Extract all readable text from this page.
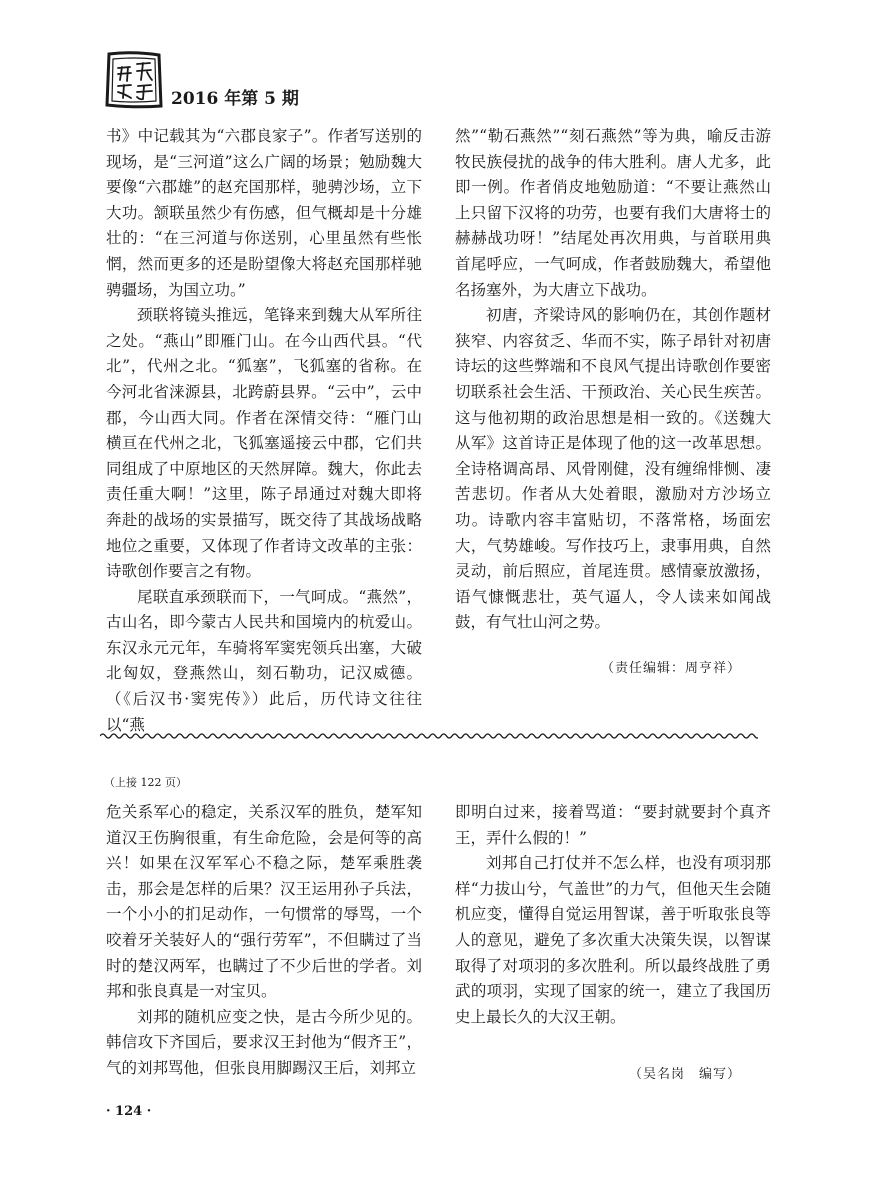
2016 年第 5 期

书》中记载其为“六郡良家子”。作者写送别的现场，是“三河道”这么广阔的场景；勉励魏大要像“六郡雄”的赵充国那样，驰骋沙场，立下大功。颔联虽然少有伤感，但气概却是十分雄壮的：“在三河道与你送别，心里虽然有些怅惘，然而更多的还是盼望像大将赵充国那样驰骋疆场，为国立功。”

颈联将镜头推远，笔锋来到魏大从军所往之处。“燕山”即雁门山。在今山西代县。“代北”，代州之北。“狐塞”，飞狐塞的省称。在今河北省涞源县，北跨蔚县界。“云中”，云中郡，今山西大同。作者在深情交待：“雁门山横亘在代州之北，飞狐塞遥接云中郡，它们共同组成了中原地区的天然屏障。魏大，你此去责任重大啊！”这里，陈子昂通过对魏大即将奔赴的战场的实景描写，既交待了其战场战略地位之重要，又体现了作者诗文改革的主张：诗歌创作要言之有物。

尾联直承颈联而下，一气呵成。“燕然”，古山名，即今蒙古人民共和国境内的杭爱山。东汉永元元年，车骑将军窦宪领兵出塞，大破北匈奴，登燕然山，刻石勒功，记汉威德。（《后汉书·窦宪传》）此后，历代诗文往往以“燕

然”“勒石燕然”“刻石燕然”等为典，喻反击游牧民族侵扰的战争的伟大胜利。唐人尤多，此即一例。作者俏皮地勉励道：“不要让燕然山上只留下汉将的功劳，也要有我们大唐将士的赫赫战功呀！”结尾处再次用典，与首联用典首尾呼应，一气呵成，作者鼓励魏大，希望他名扬塞外，为大唐立下战功。

初唐，齐梁诗风的影响仍在，其创作题材狭窄、内容贫乏、华而不实，陈子昂针对初唐诗坛的这些弊端和不良风气提出诗歌创作要密切联系社会生活、干预政治、关心民生疾苦。这与他初期的政治思想是相一致的。《送魏大从军》这首诗正是体现了他的这一改革思想。全诗格调高昂、风骨刚健，没有缠绵悱恻、凄苦悲切。作者从大处着眼，激励对方沙场立功。诗歌内容丰富贴切，不落常格，场面宏大，气势雄峻。写作技巧上，隶事用典，自然灵动，前后照应，首尾连贯。感情豪放激扬，语气慷慨悲壮，英气逼人，令人读来如闻战鼓，有气壮山河之势。

（责任编辑：周亨祥）
（上接 122 页）

危关系军心的稳定，关系汉军的胜负，楚军知道汉王伤胸很重，有生命危险，会是何等的高兴！如果在汉军军心不稳之际，楚军乘胜袭击，那会是怎样的后果？汉王运用孙子兵法，一个小小的扪足动作，一句惯常的辱骂，一个咬着牙关装好人的“强行劳军”，不但瞒过了当时的楚汉两军，也瞒过了不少后世的学者。刘邦和张良真是一对宝贝。

刘邦的随机应变之快，是古今所少见的。韩信攻下齐国后，要求汉王封他为“假齐王”，气的刘邦骂他，但张良用脚踢汉王后，刘邦立

即明白过来，接着骂道：“要封就要封个真齐王，弄什么假的！”

刘邦自己打仗并不怎么样，也没有项羽那样“力拔山兮，气盖世”的力气，但他天生会随机应变，懂得自觉运用智谋，善于听取张良等人的意见，避免了多次重大决策失误，以智谋取得了对项羽的多次胜利。所以最终战胜了勇武的项羽，实现了国家的统一，建立了我国历史上最长久的大汉王朝。

（吴名岗　编写）
· 124 ·
